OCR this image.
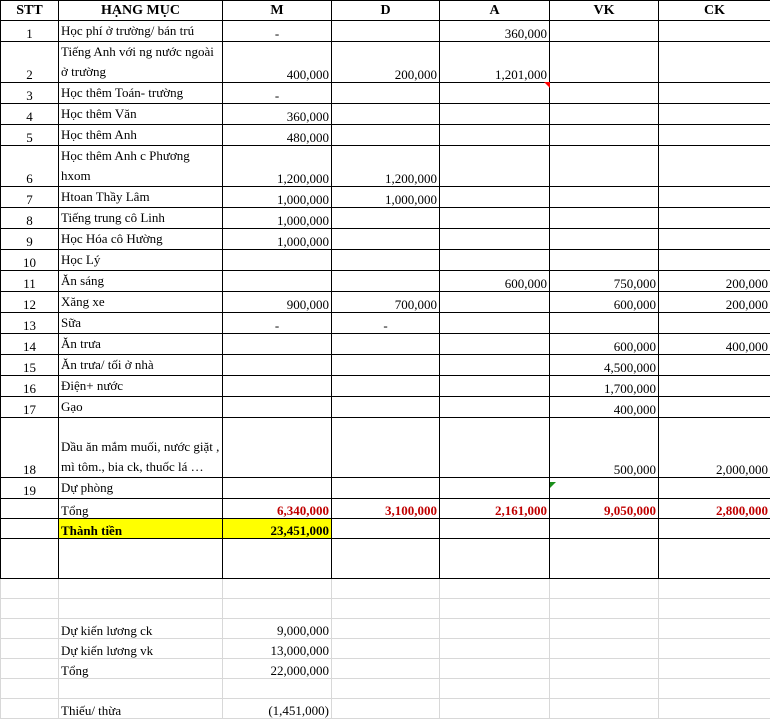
STT	HẠNG MỤC	M	D	A	VK	CK
1	Học phí ở trường/ bán trú	-		360,000		
2	Tiếng Anh với ng nước ngoài ở trường	400,000	200,000	1,201,000		
3	Học thêm Toán- trường	-				
4	Học thêm Văn	360,000				
5	Học thêm Anh	480,000				
6	Học thêm Anh c Phương hxom	1,200,000	1,200,000			
7	Htoan Thầy Lâm	1,000,000	1,000,000			
8	Tiếng trung cô Linh	1,000,000				
9	Học Hóa cô Hường	1,000,000				
10	Học Lý					
11	Ăn sáng			600,000	750,000	200,000
12	Xăng xe	900,000	700,000		600,000	200,000
13	Sữa	-	-			
14	Ăn trưa				600,000	400,000
15	Ăn trưa/ tối ở nhà				4,500,000	
16	Điện+ nước				1,700,000	
17	Gạo				400,000	
18	Dầu ăn mắm muối, nước giặt , mì tôm., bia ck, thuốc lá …				500,000	2,000,000
19	Dự phòng					
	Tổng	6,340,000	3,100,000	2,161,000	9,050,000	2,800,000
	Thành tiền	23,451,000				

	Dự kiến lương ck	9,000,000				
	Dự kiến lương vk	13,000,000				
	Tổng	22,000,000				

	Thiếu/ thừa	(1,451,000)				
